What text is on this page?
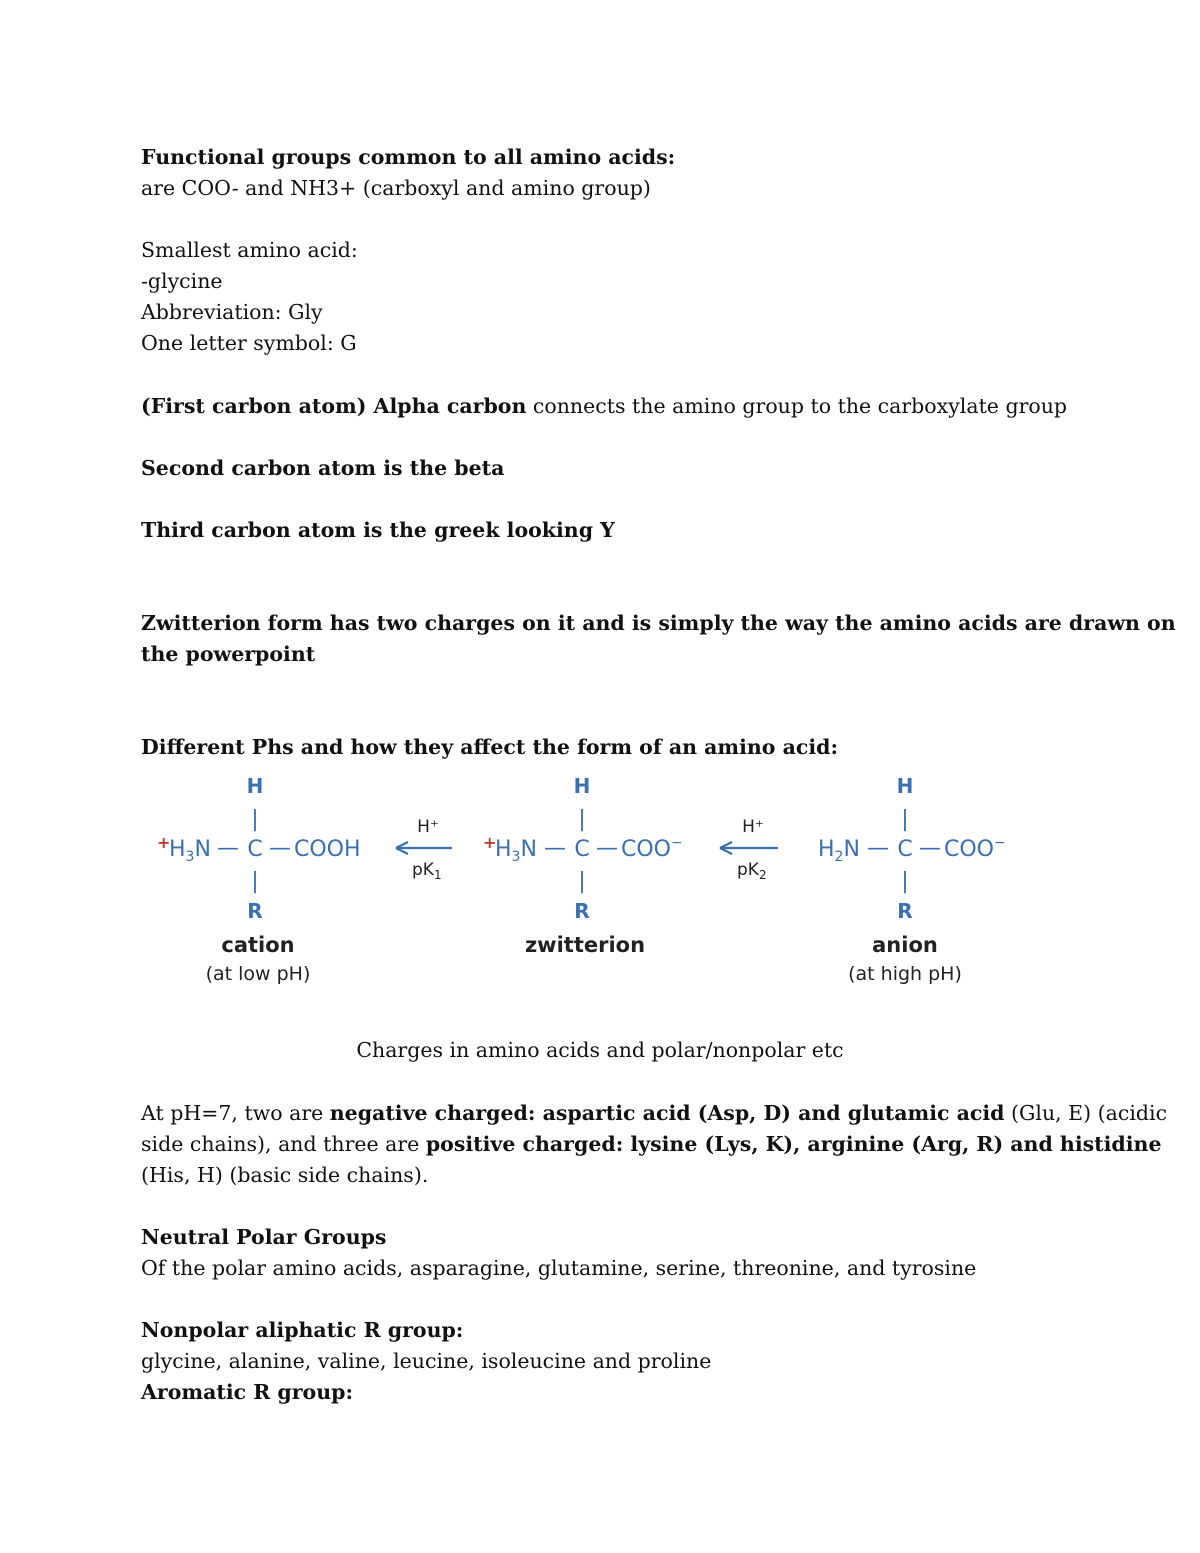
Functional groups common to all amino acids:
are COO- and NH3+ (carboxyl and amino group)
Smallest amino acid:
-glycine
Abbreviation: Gly
One letter symbol: G
(First carbon atom) Alpha carbon connects the amino group to the carboxylate group
Second carbon atom is the beta
Third carbon atom is the greek looking Y
Zwitterion form has two charges on it and is simply the way the amino acids are drawn on
the powerpoint
Different Phs and how they affect the form of an amino acid:
H
|
+
$H_3N$ — C — COOH
|
R
cation
(at low pH)
H⁺
$pK_1$
H
|
+
$H_3N$ — C — COO−
|
R
zwitterion
H⁺
$pK_2$
H
|
$H_2N$ — C — COO−
|
R
anion
(at high pH)
Charges in amino acids and polar/nonpolar etc
At pH=7, two are negative charged: aspartic acid (Asp, D) and glutamic acid (Glu, E) (acidic
side chains), and three are positive charged: lysine (Lys, K), arginine (Arg, R) and histidine
(His, H) (basic side chains).
Neutral Polar Groups
Of the polar amino acids, asparagine, glutamine, serine, threonine, and tyrosine
Nonpolar aliphatic R group:
glycine, alanine, valine, leucine, isoleucine and proline
Aromatic R group:
